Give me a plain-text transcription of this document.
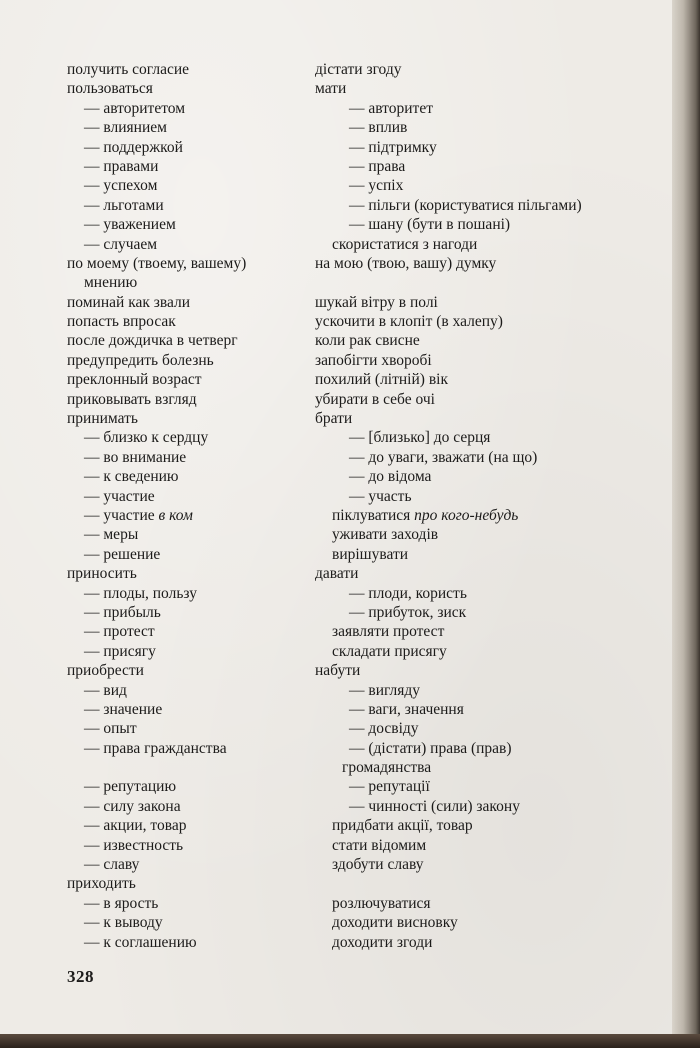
получить согласие	дістати згоду
пользоваться	мати
— авторитетом	— авторитет
— влиянием	— вплив
— поддержкой	— підтримку
— правами	— права
— успехом	— успіх
— льготами	— пільги (користуватися пільгами)
— уважением	— шану (бути в пошані)
— случаем	скористатися з нагоди
по моему (твоему, вашему)	на мою (твою, вашу) думку
мнению
поминай как звали	шукай вітру в полі
попасть впросак	ускочити в клопіт (в халепу)
после дождичка в четверг	коли рак свисне
предупредить болезнь	запобігти хворобі
преклонный возраст	похилий (літній) вік
приковывать взгляд	убирати в себе очі
принимать	брати
— близко к сердцу	— [близько] до серця
— во внимание	— до уваги, зважати (на що)
— к сведению	— до відома
— участие	— участь
— участие в ком	піклуватися про кого-небудь
— меры	уживати заходів
— решение	вирішувати
приносить	давати
— плоды, пользу	— плоди, користь
— прибыль	— прибуток, зиск
— протест	заявляти протест
— присягу	складати присягу
приобрести	набути
— вид	— вигляду
— значение	— ваги, значення
— опыт	— досвіду
— права гражданства	— (дістати) права (прав)
громадянства
— репутацию	— репутації
— силу закона	— чинності (сили) закону
— акции, товар	придбати акції, товар
— известность	стати відомим
— славу	здобути славу
приходить
— в ярость	розлючуватися
— к выводу	доходити висновку
— к соглашению	доходити згоди
328
